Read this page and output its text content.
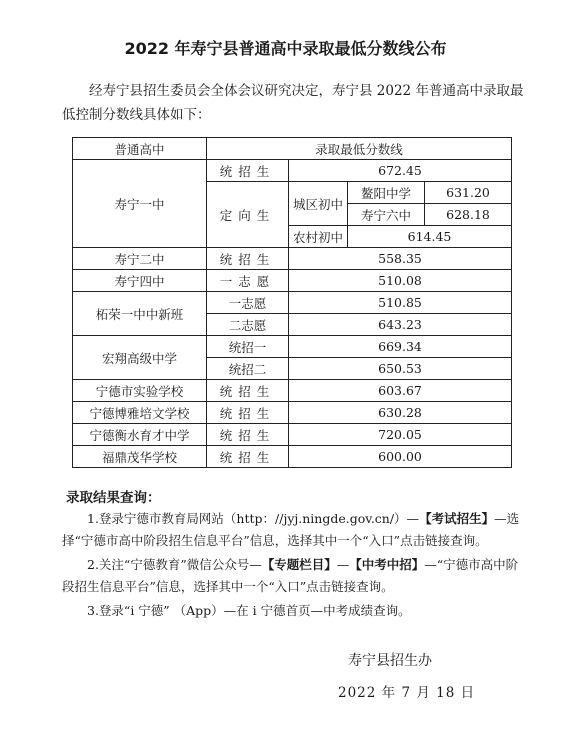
2022 年寿宁县普通高中录取最低分数线公布
经寿宁县招生委员会全体会议研究决定，寿宁县 2022 年普通高中录取最低控制分数线具体如下：
普通高中	录取最低分数线			
寿宁一中	统招生	672.45		
	定向生	城区初中	鳌阳中学	631.20
			寿宁六中	628.18
		农村初中	614.45	
寿宁二中	统招生	558.35		
寿宁四中	一志愿	510.08		
柘荣一中中新班	一志愿	510.85		
	二志愿	643.23		
宏翔高级中学	统招一	669.34		
	统招二	650.53		
宁德市实验学校	统招生	603.67		
宁德博雅培文学校	统招生	630.28		
宁德衡水育才中学	统招生	720.05		
福鼎茂华学校	统招生	600.00		
录取结果查询：

1.登录宁德市教育局网站（http：//jyj.ningde.gov.cn/）—【考试招生】—选择“宁德市高中阶段招生信息平台”信息，选择其中一个“入口”点击链接查询。

2.关注“宁德教育”微信公众号—【专题栏目】—【中考中招】—“宁德市高中阶段招生信息平台”信息，选择其中一个“入口”点击链接查询。

3.登录“i 宁德” （App）—在 i 宁德首页—中考成绩查询。

寿宁县招生办
2022 年 7 月 18 日
